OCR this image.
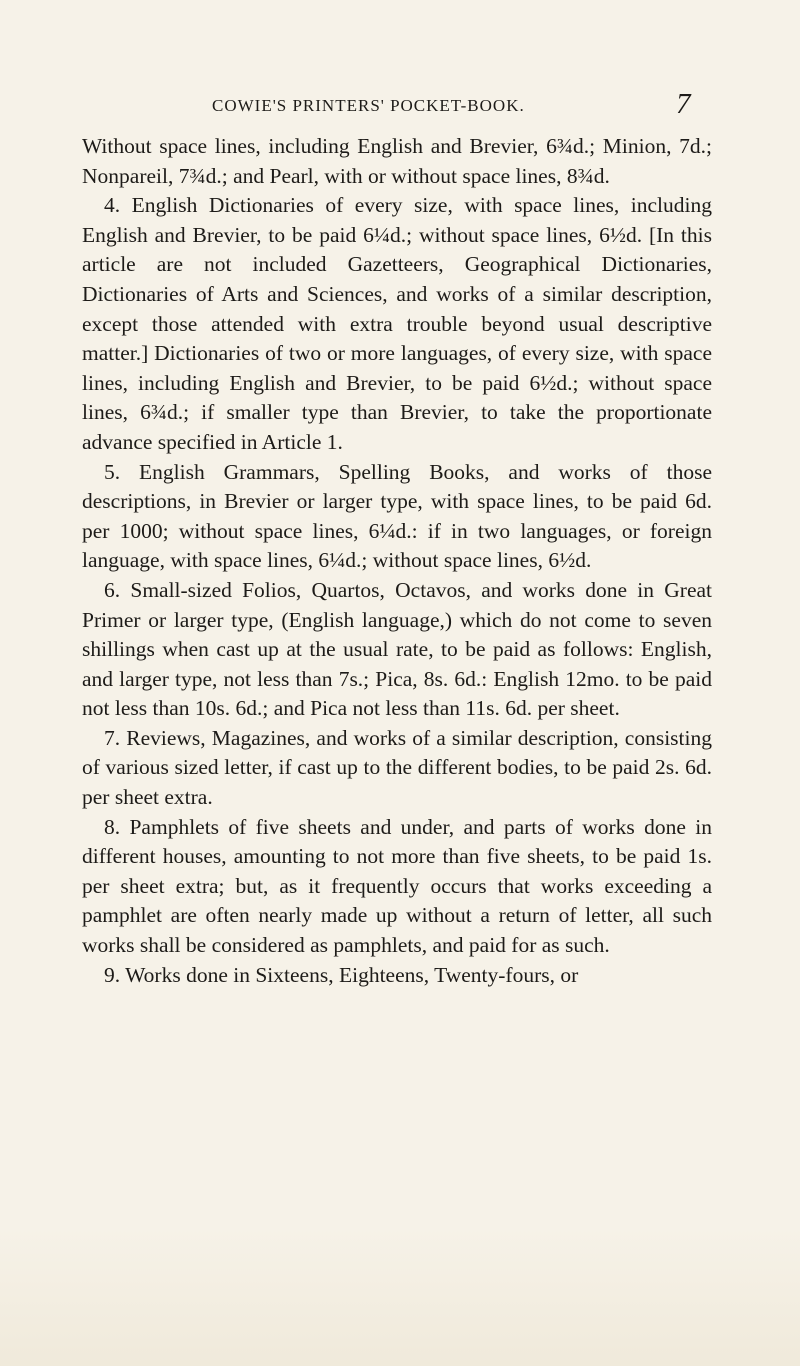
COWIE'S PRINTERS' POCKET-BOOK.	7

Without space lines, including English and Brevier, 6¾d.; Minion, 7d.; Nonpareil, 7¾d.; and Pearl, with or without space lines, 8¾d.

4. English Dictionaries of every size, with space lines, including English and Brevier, to be paid 6¼d.; without space lines, 6½d. [In this article are not included Gazetteers, Geographical Dictionaries, Dictionaries of Arts and Sciences, and works of a similar description, except those attended with extra trouble beyond usual descriptive matter.] Dictionaries of two or more languages, of every size, with space lines, including English and Brevier, to be paid 6½d.; without space lines, 6¾d.; if smaller type than Brevier, to take the proportionate advance specified in Article 1.

5. English Grammars, Spelling Books, and works of those descriptions, in Brevier or larger type, with space lines, to be paid 6d. per 1000; without space lines, 6¼d.: if in two languages, or foreign language, with space lines, 6¼d.; without space lines, 6½d.

6. Small-sized Folios, Quartos, Octavos, and works done in Great Primer or larger type, (English language,) which do not come to seven shillings when cast up at the usual rate, to be paid as follows: English, and larger type, not less than 7s.; Pica, 8s. 6d.: English 12mo. to be paid not less than 10s. 6d.; and Pica not less than 11s. 6d. per sheet.

7. Reviews, Magazines, and works of a similar description, consisting of various sized letter, if cast up to the different bodies, to be paid 2s. 6d. per sheet extra.

8. Pamphlets of five sheets and under, and parts of works done in different houses, amounting to not more than five sheets, to be paid 1s. per sheet extra; but, as it frequently occurs that works exceeding a pamphlet are often nearly made up without a return of letter, all such works shall be considered as pamphlets, and paid for as such.

9. Works done in Sixteens, Eighteens, Twenty-fours, or
